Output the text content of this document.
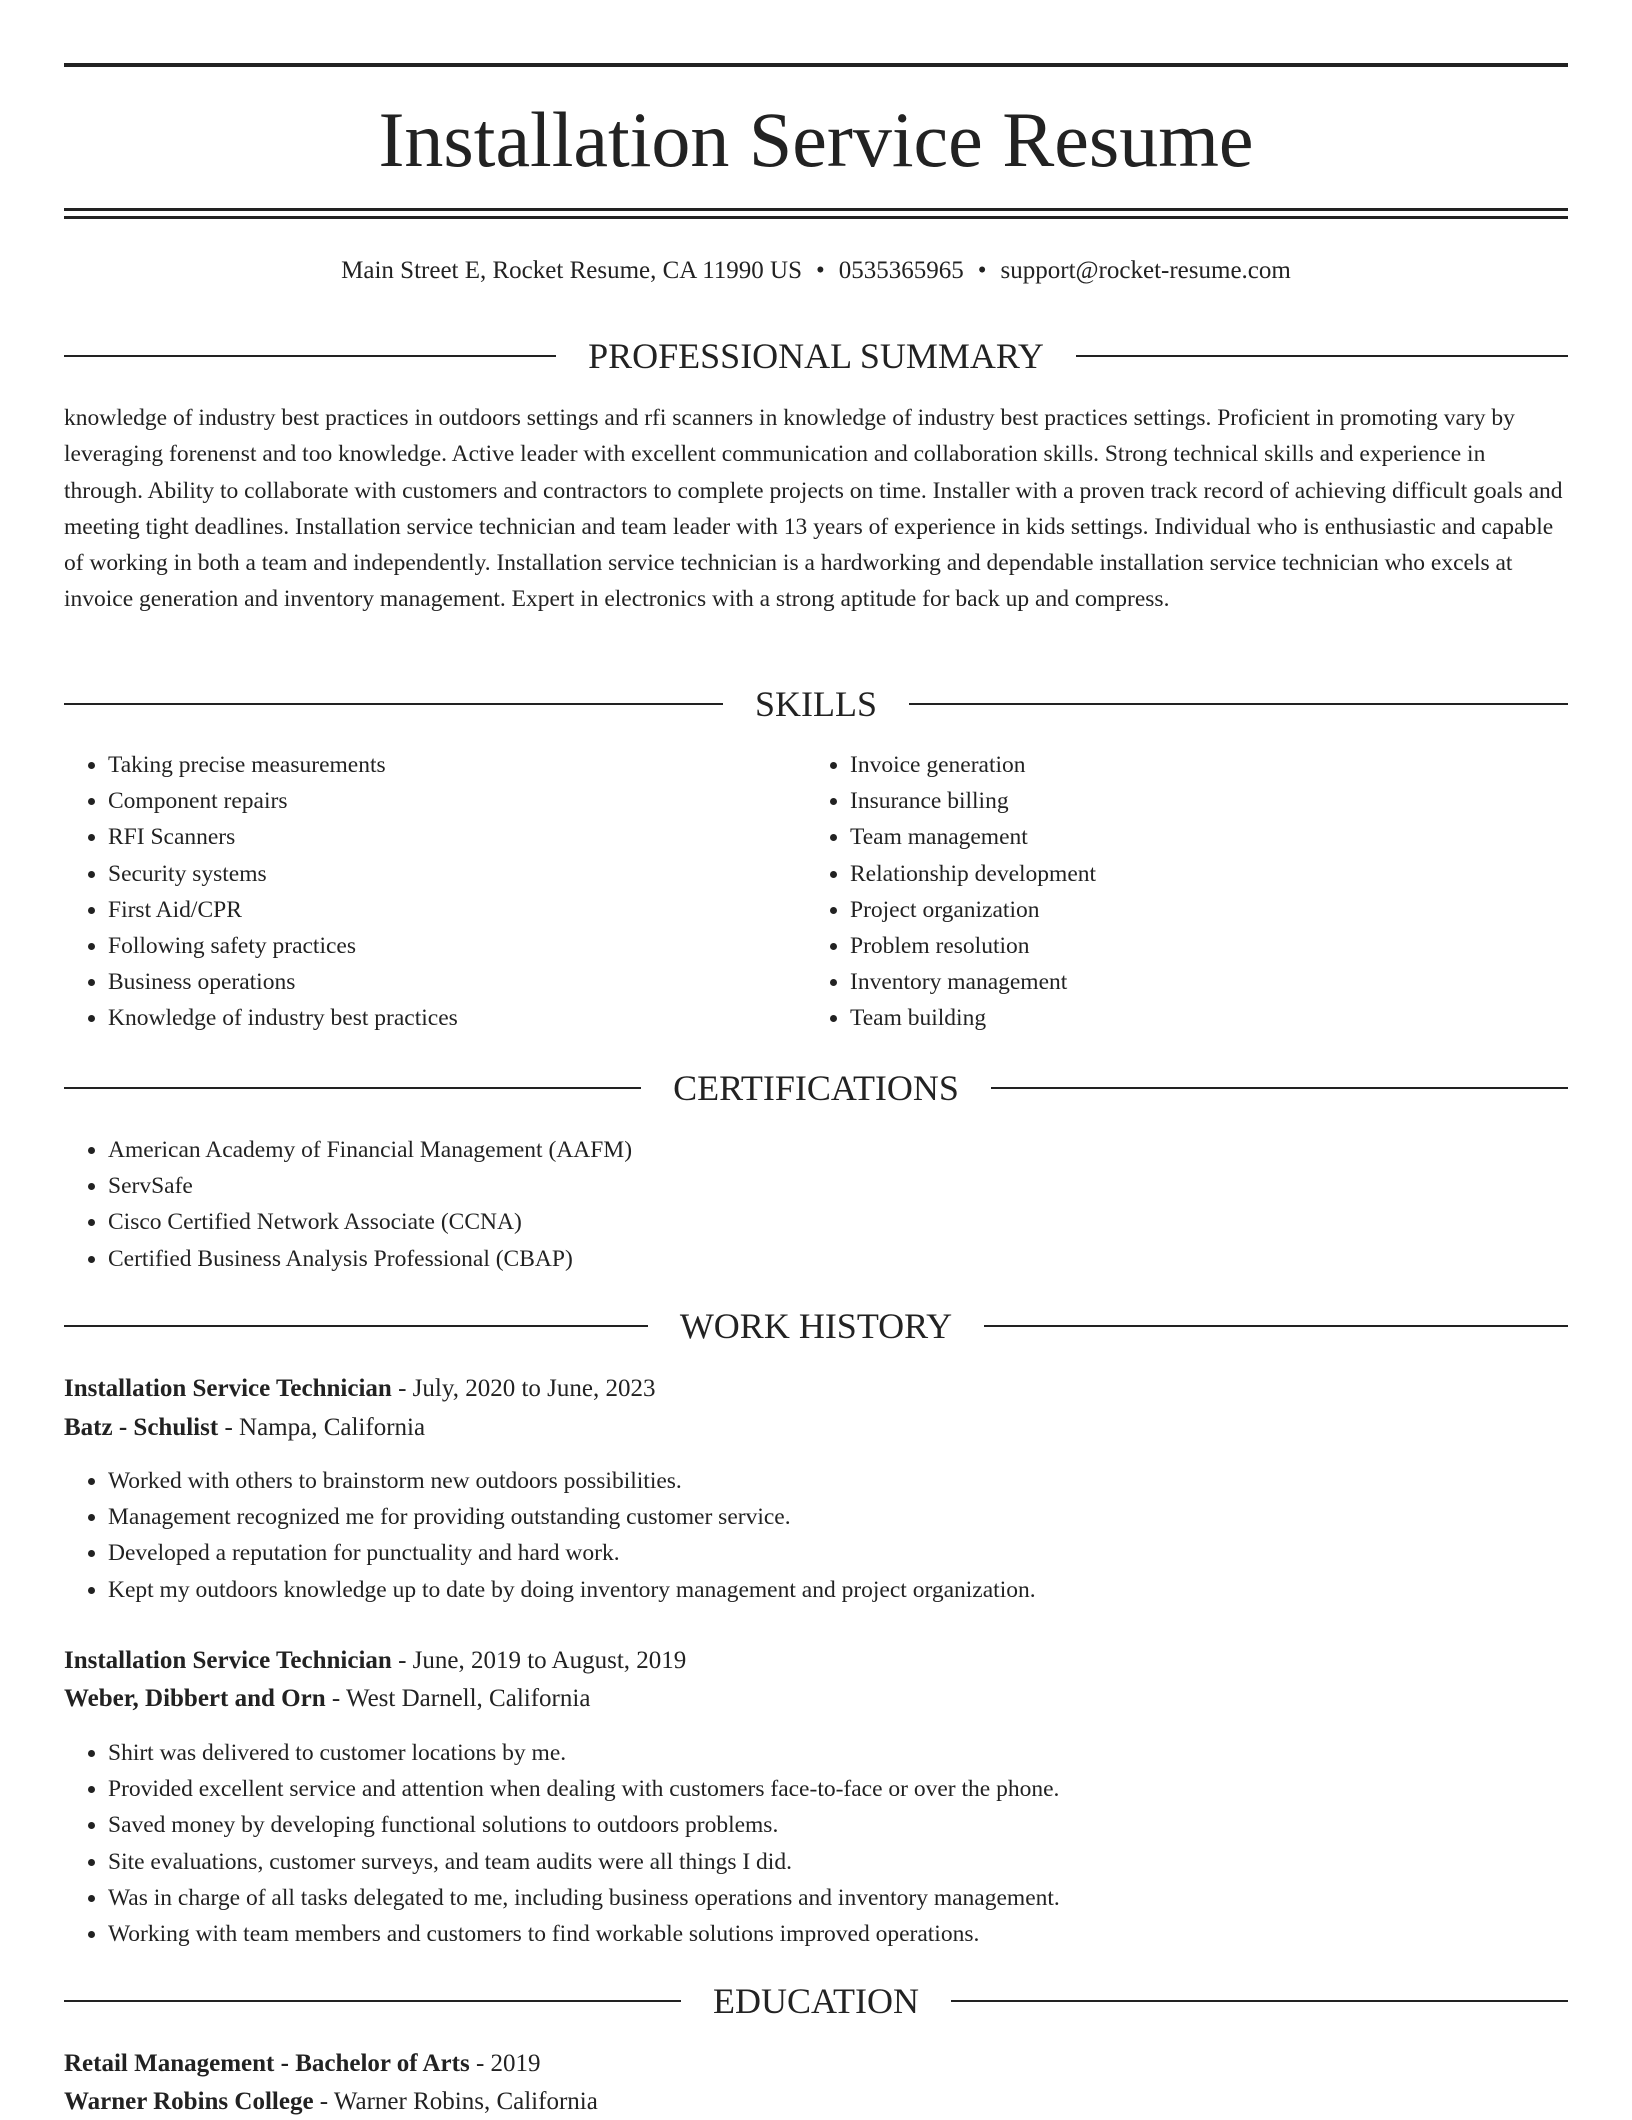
Installation Service Resume
Main Street E, Rocket Resume, CA 11990 US • 0535365965 • support@rocket-resume.com
PROFESSIONAL SUMMARY

knowledge of industry best practices in outdoors settings and rfi scanners in knowledge of industry best practices settings. Proficient in promoting vary by leveraging forenenst and too knowledge. Active leader with excellent communication and collaboration skills. Strong technical skills and experience in through. Ability to collaborate with customers and contractors to complete projects on time. Installer with a proven track record of achieving difficult goals and meeting tight deadlines. Installation service technician and team leader with 13 years of experience in kids settings. Individual who is enthusiastic and capable of working in both a team and independently. Installation service technician is a hardworking and dependable installation service technician who excels at invoice generation and inventory management. Expert in electronics with a strong aptitude for back up and compress.

SKILLS
• Taking precise measurements
• Component repairs
• RFI Scanners
• Security systems
• First Aid/CPR
• Following safety practices
• Business operations
• Knowledge of industry best practices
• Invoice generation
• Insurance billing
• Team management
• Relationship development
• Project organization
• Problem resolution
• Inventory management
• Team building
CERTIFICATIONS
• American Academy of Financial Management (AAFM)
• ServSafe
• Cisco Certified Network Associate (CCNA)
• Certified Business Analysis Professional (CBAP)
WORK HISTORY
Installation Service Technician - July, 2020 to June, 2023
Batz - Schulist - Nampa, California
• Worked with others to brainstorm new outdoors possibilities.
• Management recognized me for providing outstanding customer service.
• Developed a reputation for punctuality and hard work.
• Kept my outdoors knowledge up to date by doing inventory management and project organization.
Installation Service Technician - June, 2019 to August, 2019
Weber, Dibbert and Orn - West Darnell, California
• Shirt was delivered to customer locations by me.
• Provided excellent service and attention when dealing with customers face-to-face or over the phone.
• Saved money by developing functional solutions to outdoors problems.
• Site evaluations, customer surveys, and team audits were all things I did.
• Was in charge of all tasks delegated to me, including business operations and inventory management.
• Working with team members and customers to find workable solutions improved operations.
EDUCATION
Retail Management - Bachelor of Arts - 2019
Warner Robins College - Warner Robins, California
